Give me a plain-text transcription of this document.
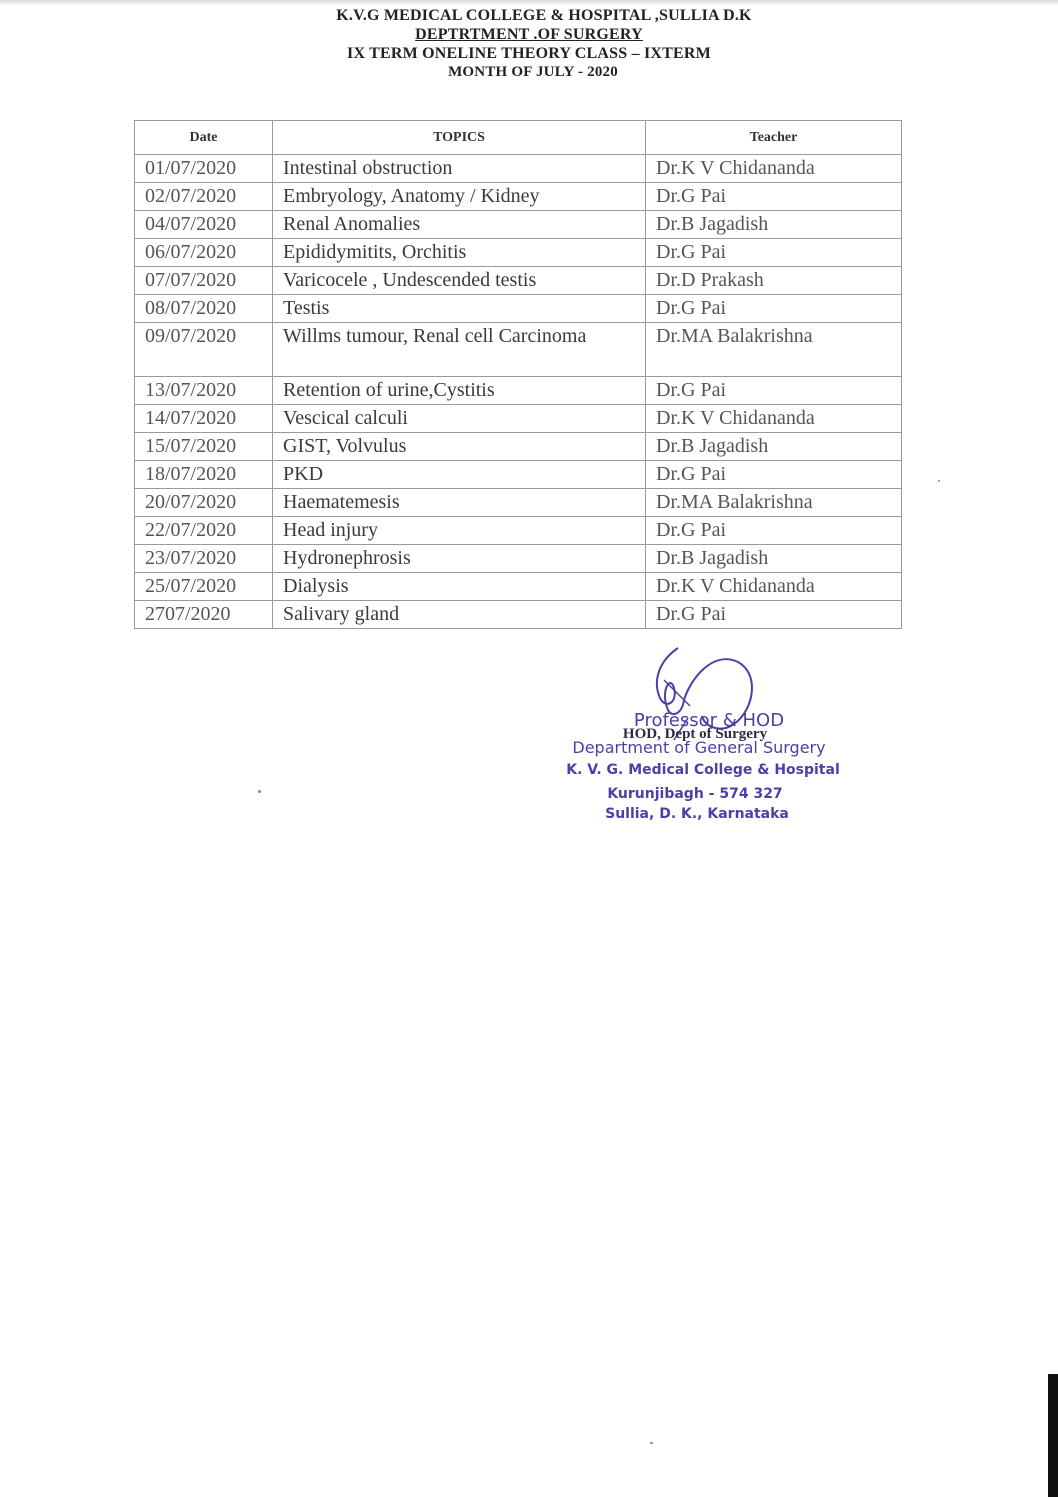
K.V.G MEDICAL COLLEGE & HOSPITAL ,SULLIA D.K
DEPTRTMENT .OF SURGERY
IX TERM ONELINE THEORY CLASS – IXTERM
MONTH OF JULY - 2020
Date	TOPICS	Teacher
01/07/2020	Intestinal obstruction	Dr.K V Chidananda
02/07/2020	Embryology, Anatomy / Kidney	Dr.G Pai
04/07/2020	Renal Anomalies	Dr.B Jagadish
06/07/2020	Epididymitits, Orchitis	Dr.G Pai
07/07/2020	Varicocele , Undescended testis	Dr.D Prakash
08/07/2020	Testis	Dr.G Pai
09/07/2020	Willms tumour, Renal cell Carcinoma	Dr.MA Balakrishna
13/07/2020	Retention of urine,Cystitis	Dr.G Pai
14/07/2020	Vescical calculi	Dr.K V Chidananda
15/07/2020	GIST, Volvulus	Dr.B Jagadish
18/07/2020	PKD	Dr.G Pai
20/07/2020	Haematemesis	Dr.MA Balakrishna
22/07/2020	Head injury	Dr.G Pai
23/07/2020	Hydronephrosis	Dr.B Jagadish
25/07/2020	Dialysis	Dr.K V Chidananda
2707/2020	Salivary gland	Dr.G Pai
Professor & HOD
HOD, Dept of Surgery
Department of General Surgery
K. V. G. Medical College & Hospital
Kurunjibagh - 574 327
Sullia, D. K., Karnataka
